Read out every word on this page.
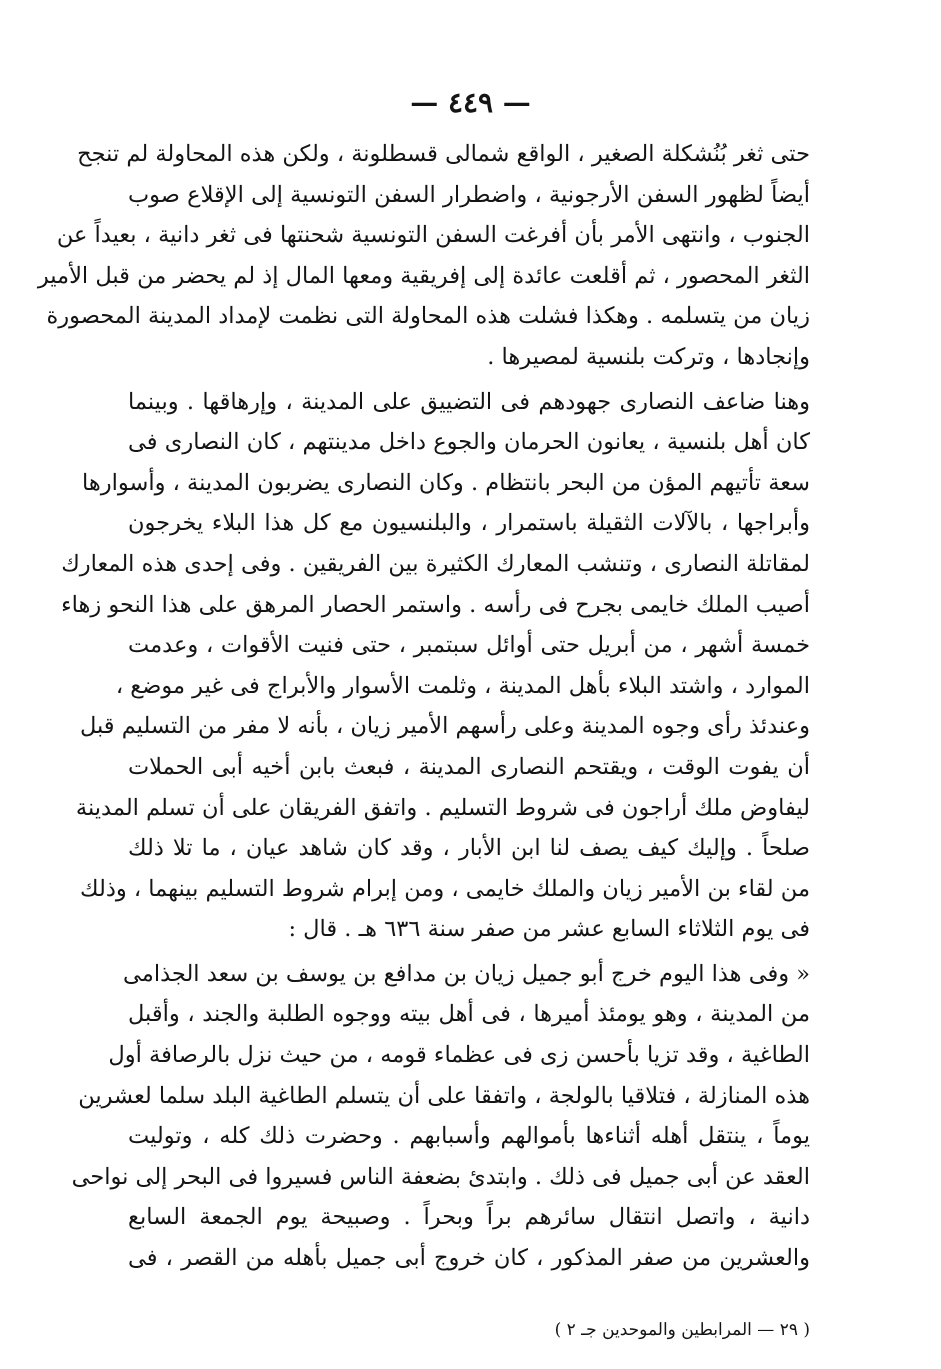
— ٤٤٩ —
حتى ثغر بُنُشكلة الصغير ، الواقع شمالى قسطلونة ، ولكن هذه المحاولة لم تنجح
أيضاً لظهور السفن الأرجونية ، واضطرار السفن التونسية إلى الإقلاع صوب
الجنوب ، وانتهى الأمر بأن أفرغت السفن التونسية شحنتها فى ثغر دانية ، بعيداً عن
الثغر المحصور ، ثم أقلعت عائدة إلى إفريقية ومعها المال إذ لم يحضر من قبل الأمير
زيان من يتسلمه . وهكذا فشلت هذه المحاولة التى نظمت لإمداد المدينة المحصورة
وإنجادها ، وتركت بلنسية لمصيرها .
وهنا ضاعف النصارى جهودهم فى التضييق على المدينة ، وإرهاقها . وبينما
كان أهل بلنسية ، يعانون الحرمان والجوع داخل مدينتهم ، كان النصارى فى
سعة تأتيهم المؤن من البحر بانتظام . وكان النصارى يضربون المدينة ، وأسوارها
وأبراجها ، بالآلات الثقيلة باستمرار ، والبلنسيون مع كل هذا البلاء يخرجون
لمقاتلة النصارى ، وتنشب المعارك الكثيرة بين الفريقين . وفى إحدى هذه المعارك
أصيب الملك خايمى بجرح فى رأسه . واستمر الحصار المرهق على هذا النحو زهاء
خمسة أشهر ، من أبريل حتى أوائل سبتمبر ، حتى فنيت الأقوات ، وعدمت
الموارد ، واشتد البلاء بأهل المدينة ، وثلمت الأسوار والأبراج فى غير موضع ،
وعندئذ رأى وجوه المدينة وعلى رأسهم الأمير زيان ، بأنه لا مفر من التسليم قبل
أن يفوت الوقت ، ويقتحم النصارى المدينة ، فبعث بابن أخيه أبى الحملات
ليفاوض ملك أراجون فى شروط التسليم . واتفق الفريقان على أن تسلم المدينة
صلحاً . وإليك كيف يصف لنا ابن الأبار ، وقد كان شاهد عيان ، ما تلا ذلك
من لقاء بن الأمير زيان والملك خايمى ، ومن إبرام شروط التسليم بينهما ، وذلك
فى يوم الثلاثاء السابع عشر من صفر سنة ٦٣٦ هـ . قال :
« وفى هذا اليوم خرج أبو جميل زيان بن مدافع بن يوسف بن سعد الجذامى
من المدينة ، وهو يومئذ أميرها ، فى أهل بيته ووجوه الطلبة والجند ، وأقبل
الطاغية ، وقد تزيا بأحسن زى فى عظماء قومه ، من حيث نزل بالرصافة أول
هذه المنازلة ، فتلاقيا بالولجة ، واتفقا على أن يتسلم الطاغية البلد سلما لعشرين
يوماً ، ينتقل أهله أثناءها بأموالهم وأسبابهم . وحضرت ذلك كله ، وتوليت
العقد عن أبى جميل فى ذلك . وابتدئ بضعفة الناس فسيروا فى البحر إلى نواحى
دانية ، واتصل انتقال سائرهم براً وبحراً . وصبيحة يوم الجمعة السابع
والعشرين من صفر المذكور ، كان خروج أبى جميل بأهله من القصر ، فى
( ٢٩ — المرابطين والموحدين جـ ٢ )
